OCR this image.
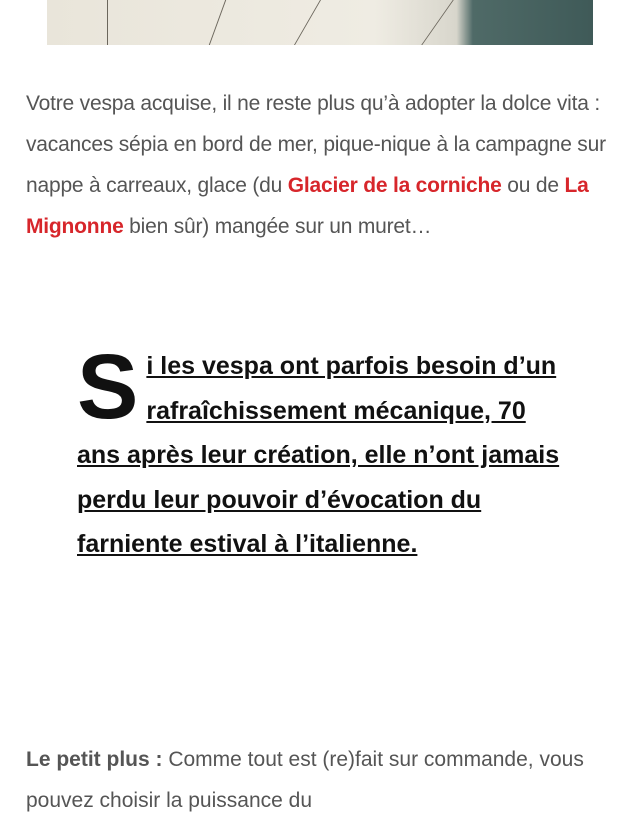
Votre vespa acquise, il ne reste plus qu’à adopter la dolce vita : vacances sépia en bord de mer, pique-nique à la campagne sur nappe à carreaux, glace (du Glacier de la corniche ou de La Mignonne bien sûr) mangée sur un muret…

Si les vespa ont parfois besoin d’un rafraîchissement mécanique, 70 ans après leur création, elle n’ont jamais perdu leur pouvoir d’évocation du farniente estival à l’italienne.

Le petit plus : Comme tout est (re)fait sur commande, vous pouvez choisir la puissance du
